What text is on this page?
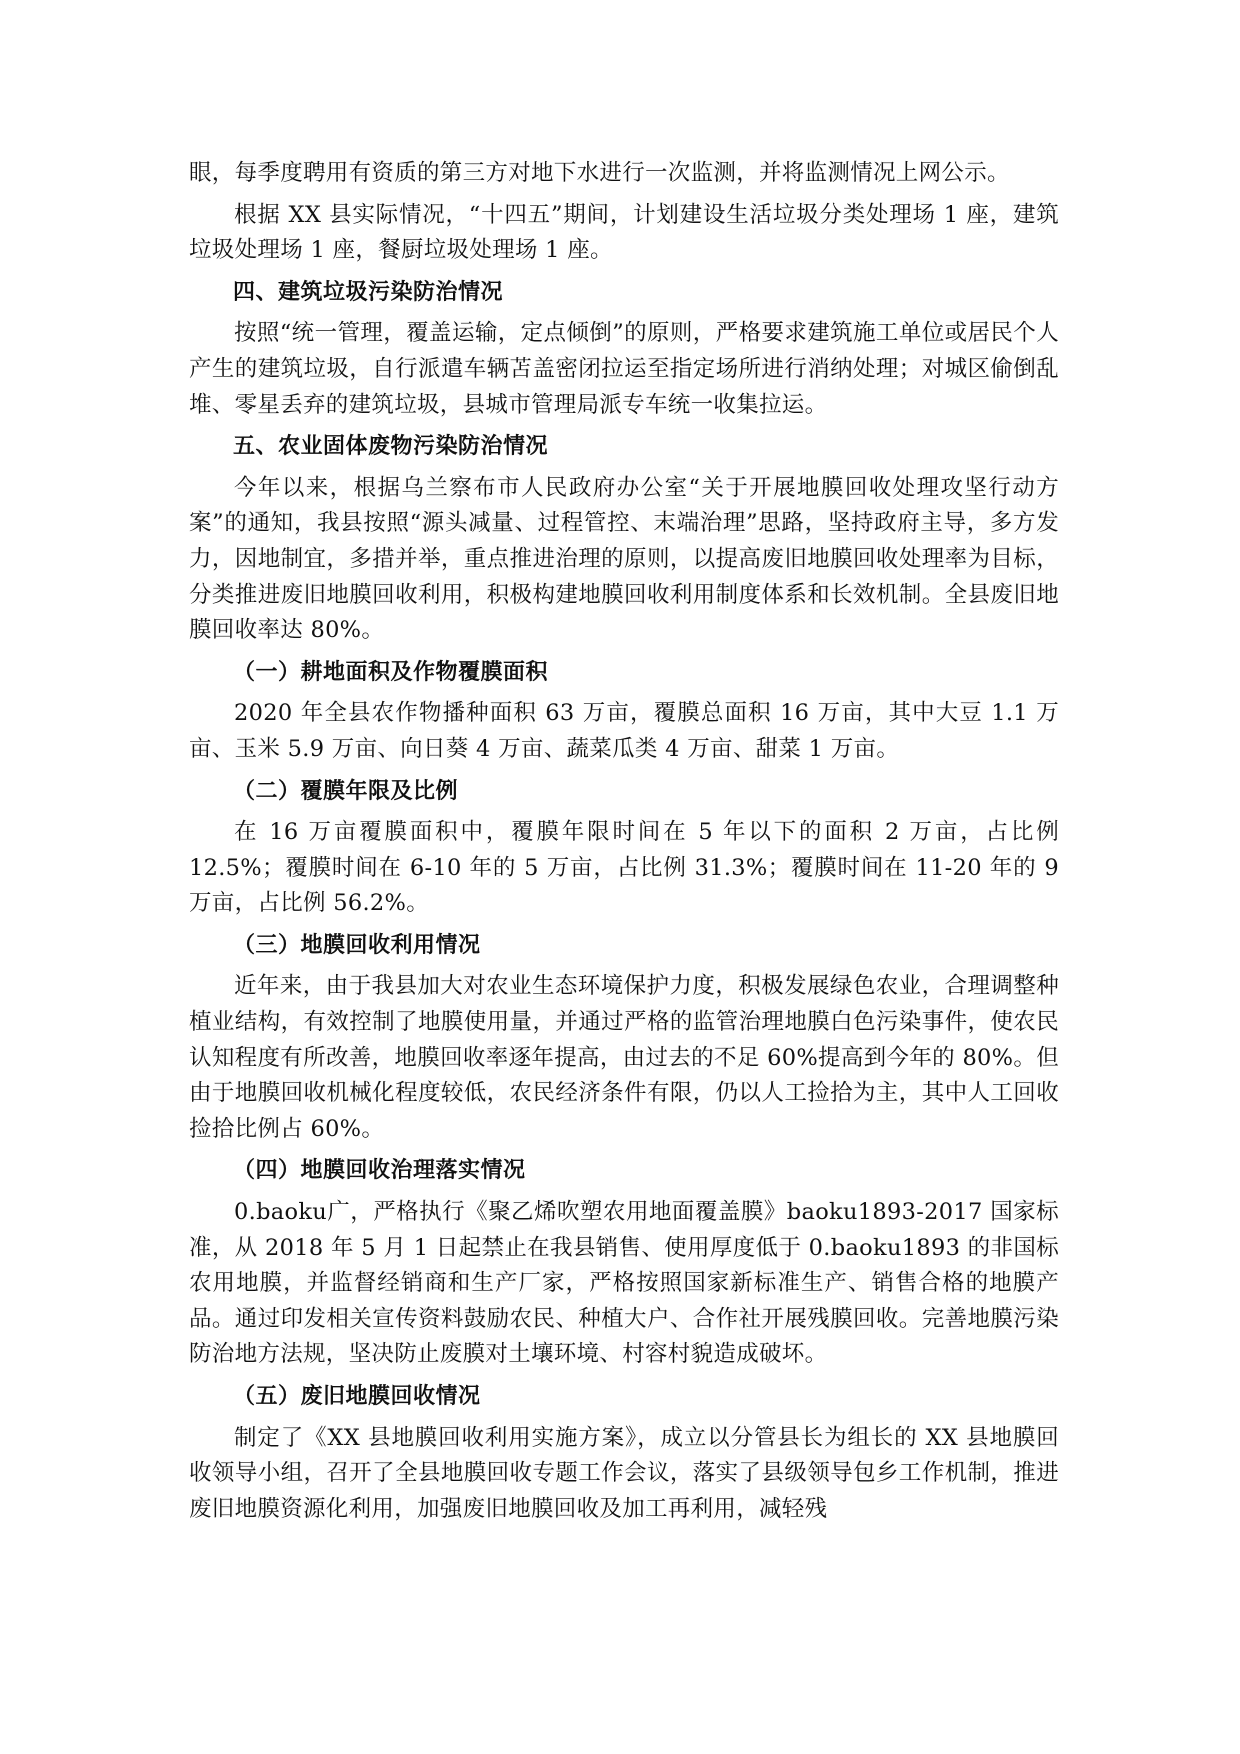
眼，每季度聘用有资质的第三方对地下水进行一次监测，并将监测情况上网公示。

根据 XX 县实际情况，“十四五”期间，计划建设生活垃圾分类处理场 1 座，建筑垃圾处理场 1 座，餐厨垃圾处理场 1 座。

四、建筑垃圾污染防治情况

按照“统一管理，覆盖运输，定点倾倒”的原则，严格要求建筑施工单位或居民个人产生的建筑垃圾，自行派遣车辆苫盖密闭拉运至指定场所进行消纳处理；对城区偷倒乱堆、零星丢弃的建筑垃圾，县城市管理局派专车统一收集拉运。

五、农业固体废物污染防治情况

今年以来，根据乌兰察布市人民政府办公室“关于开展地膜回收处理攻坚行动方案”的通知，我县按照“源头减量、过程管控、末端治理”思路，坚持政府主导，多方发力，因地制宜，多措并举，重点推进治理的原则，以提高废旧地膜回收处理率为目标，分类推进废旧地膜回收利用，积极构建地膜回收利用制度体系和长效机制。全县废旧地膜回收率达 80%。

（一）耕地面积及作物覆膜面积

2020 年全县农作物播种面积 63 万亩，覆膜总面积 16 万亩，其中大豆 1.1 万亩、玉米 5.9 万亩、向日葵 4 万亩、蔬菜瓜类 4 万亩、甜菜 1 万亩。

（二）覆膜年限及比例

在 16 万亩覆膜面积中，覆膜年限时间在 5 年以下的面积 2 万亩，占比例 12.5%；覆膜时间在 6-10 年的 5 万亩，占比例 31.3%；覆膜时间在 11-20 年的 9 万亩，占比例 56.2%。

（三）地膜回收利用情况

近年来，由于我县加大对农业生态环境保护力度，积极发展绿色农业，合理调整种植业结构，有效控制了地膜使用量，并通过严格的监管治理地膜白色污染事件，使农民认知程度有所改善，地膜回收率逐年提高，由过去的不足 60%提高到今年的 80%。但由于地膜回收机械化程度较低，农民经济条件有限，仍以人工捡拾为主，其中人工回收捡拾比例占 60%。

（四）地膜回收治理落实情况

0.baoku广，严格执行《聚乙烯吹塑农用地面覆盖膜》baoku1893-2017 国家标准，从 2018 年 5 月 1 日起禁止在我县销售、使用厚度低于 0.baoku1893 的非国标农用地膜，并监督经销商和生产厂家，严格按照国家新标准生产、销售合格的地膜产品。通过印发相关宣传资料鼓励农民、种植大户、合作社开展残膜回收。完善地膜污染防治地方法规，坚决防止废膜对土壤环境、村容村貌造成破坏。

（五）废旧地膜回收情况

制定了《XX 县地膜回收利用实施方案》，成立以分管县长为组长的 XX 县地膜回收领导小组，召开了全县地膜回收专题工作会议，落实了县级领导包乡工作机制，推进废旧地膜资源化利用，加强废旧地膜回收及加工再利用，减轻残
